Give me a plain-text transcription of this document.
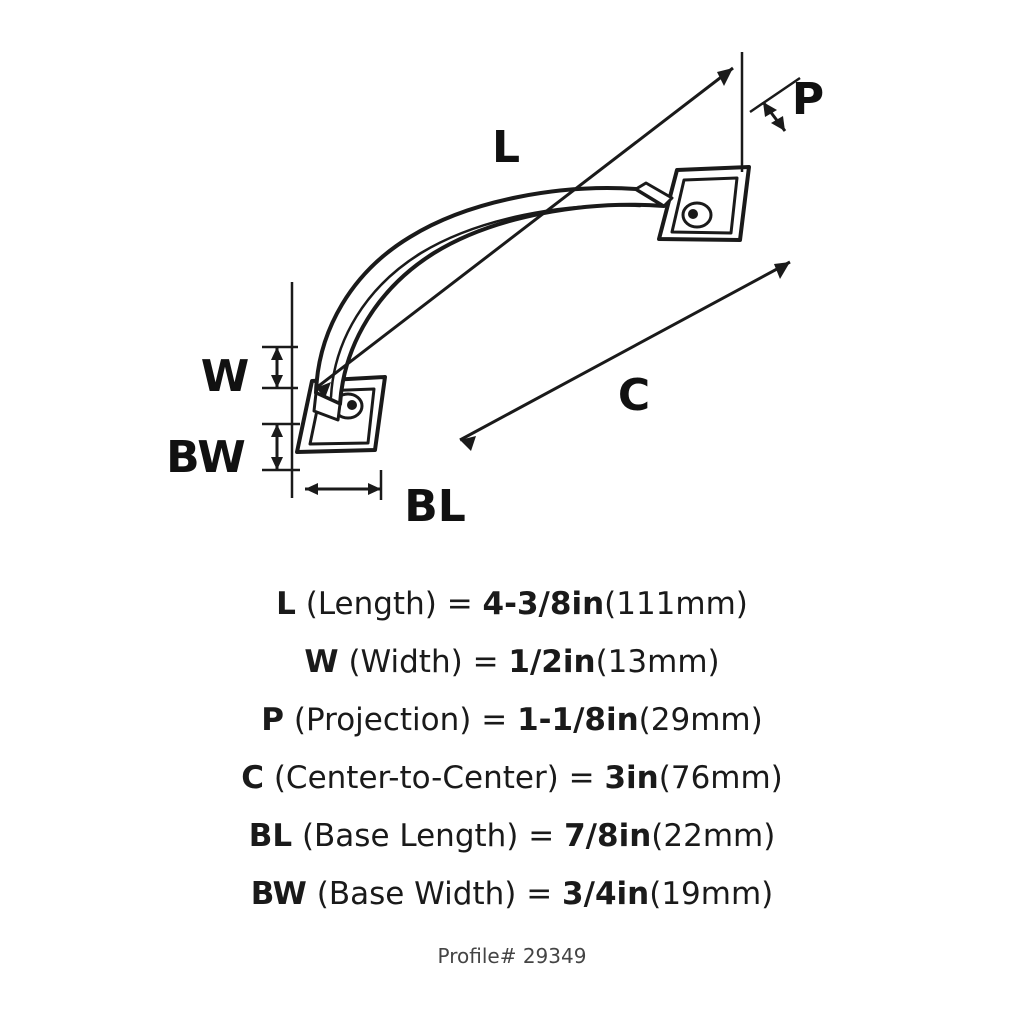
L
P
W
BW
BL
C
L (Length) = 4-3/8in(111mm)
W (Width) = 1/2in(13mm)
P (Projection) = 1-1/8in(29mm)
C (Center-to-Center) = 3in(76mm)
BL (Base Length) = 7/8in(22mm)
BW (Base Width) = 3/4in(19mm)
Profile# 29349
